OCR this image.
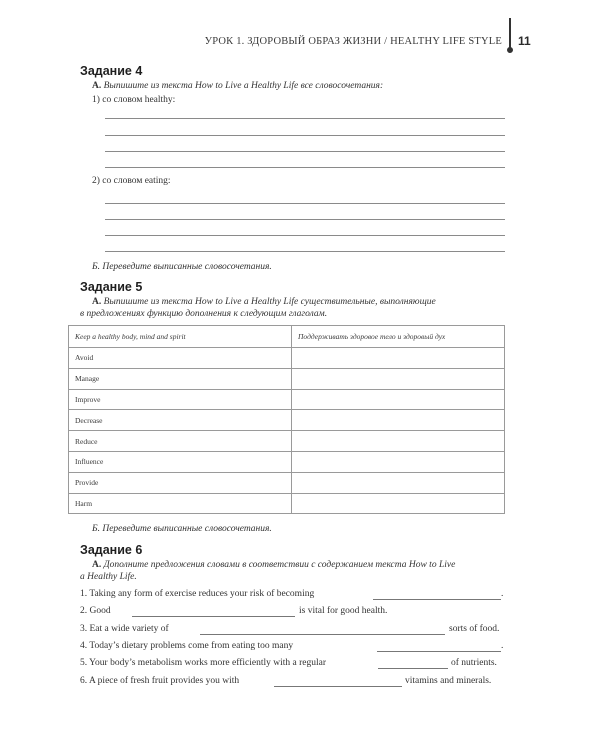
УРОК 1. ЗДОРОВЫЙ ОБРАЗ ЖИЗНИ / HEALTHY LIFE STYLE 11
Задание 4
А. Выпишите из текста How to Live a Healthy Life все словосочетания:
1) со словом healthy:
2) со словом eating:
Б. Переведите выписанные словосочетания.
Задание 5
А. Выпишите из текста How to Live a Healthy Life существительные, выполняющие
в предложениях функцию дополнения к следующим глаголам.
Keep a healthy body, mind and spirit	Поддерживать здоровое тело и здоровый дух
Avoid	
Manage	
Improve	
Decrease	
Reduce	
Influence	
Provide	
Harm	
Б. Переведите выписанные словосочетания.
Задание 6
А. Дополните предложения словами в соответствии с содержанием текста How to Live
a Healthy Life.
1. Taking any form of exercise reduces your risk of becoming	.
2. Good	is vital for good health.
3. Eat a wide variety of	sorts of food.
4. Today’s dietary problems come from eating too many	.
5. Your body’s metabolism works more efficiently with a regular	of nutrients.
6. A piece of fresh fruit provides you with	vitamins and minerals.
